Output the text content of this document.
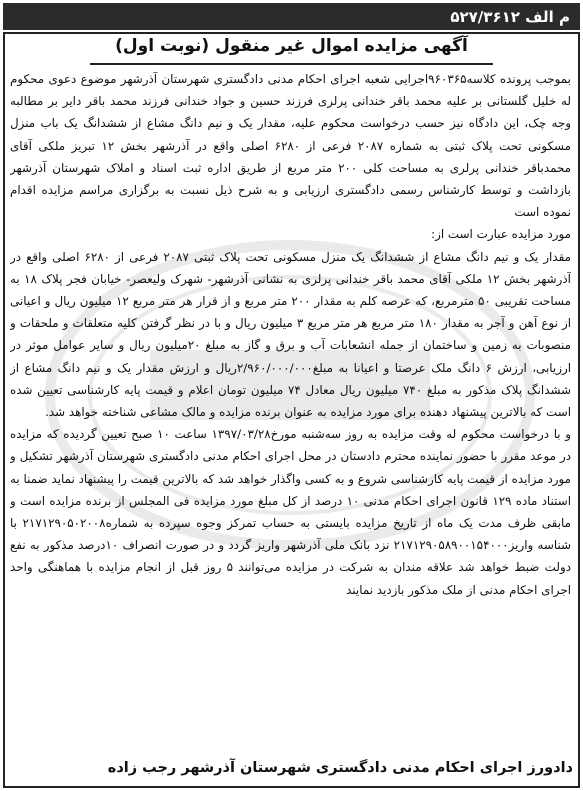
م الف ۵۲۷/۳۶۱۲
آگهی مزایده اموال غیر منقول (نوبت اول)

بموجب پرونده کلاسه۹۶۰۳۶۵اجرایی شعبه اجرای احکام مدنی دادگستری شهرستان آذرشهر موضوع دعوی محکوم له خلیل گلستانی بر علیه محمد باقر خندانی پرلری فرزند حسین و جواد خندانی فرزند محمد باقر دایر بر مطالبه وجه چک، این دادگاه نیز حسب درخواست محکوم علیه، مقدار یک و نیم دانگ مشاع از ششدانگ یک باب منزل مسکونی تحت پلاک ثبتی به شماره ۲۰۸۷ فرعی از ۶۲۸۰ اصلی واقع در آذرشهر بخش ۱۲ تبریز ملکی آقای محمدباقر خندانی پرلری به مساحت کلی ۲۰۰ متر مربع از طریق اداره ثبت اسناد و املاک شهرستان آذرشهر بازداشت و توسط کارشناس رسمی دادگستری ارزیابی و به شرح ذیل نسبت به برگزاری مراسم مزایده اقدام نموده است

مورد مزایده عبارت است از:

مقدار یک و نیم دانگ مشاع از ششدانگ یک منزل مسکونی تحت پلاک ثبتی ۲۰۸۷ فرعی از ۶۲۸۰ اصلی واقع در آذرشهر بخش ۱۲ ملکی آقای محمد باقر خندانی پرلری به نشانی آذرشهر- شهرک ولیعصر- خیابان فجر پلاک ۱۸ به مساحت تقریبی ۵۰ مترمربع، که عرصه کلم به مقدار ۲۰۰ متر مربع و از قرار هر متر مربع ۱۲ میلیون ریال و اعیانی از نوع آهن و آجر به مقدار ۱۸۰ متر مربع هر متر مربع ۳ میلیون ریال و با در نظر گرفتن کلیه متعلقات و ملحقات و منصوبات به زمین و ساختمان از جمله انشعابات آب و برق و گاز به مبلغ ۲۰میلیون ریال و سایر عوامل موثر در ارزیابی، ارزش ۶ دانگ ملک عرصتا و اعیانا به مبلغ۲/۹۶۰/۰۰۰/۰۰۰ریال و ارزش مقدار یک و نیم دانگ مشاع از ششدانگ پلاک مذکور به مبلغ ۷۴۰ میلیون ریال معادل ۷۴ میلیون تومان اعلام و قیمت پایه کارشناسی تعیین شده است که بالاترین پیشنهاد دهنده برای مورد مزایده به عنوان برنده مزایده و مالک مشاعی شناخته خواهد شد.

و با درخواست محکوم له وقت مزایده به روز سه‌شنبه مورخ۱۳۹۷/۰۳/۲۸ ساعت ۱۰ صبح تعیین گردیده که مزایده در موعد مقرر با حضور نماینده محترم دادستان در محل اجرای احکام مدنی دادگستری شهرستان آذرشهر تشکیل و مورد مزایده از قیمت پایه کارشناسی شروع و به کسی واگذار خواهد شد که بالاترین قیمت را پیشنهاد نماید ضمنا به استناد ماده ۱۲۹ قانون اجرای احکام مدنی ۱۰ درصد از کل مبلغ مورد مزایده فی المجلس از برنده مزایده است و مابقی ظرف مدت یک ماه از تاریخ مزایده بایستی به حساب تمرکز وجوه سپرده به شماره۲۱۷۱۲۹۰۵۰۲۰۰۸ با شناسه واریز۲۱۷۱۲۹۰۵۸۹۰۰۱۵۴۰۰۰ نزد بانک ملی آذرشهر واریز گردد و در صورت انصراف ۱۰درصد مذکور به نفع دولت ضبط خواهد شد علاقه مندان به شرکت در مزایده می‌توانند ۵ روز قبل از انجام مزایده با هماهنگی واحد اجرای احکام مدنی از ملک مذکور بازدید نمایند

دادورز اجرای احکام مدنی دادگستری شهرستان آذرشهر رجب زاده
